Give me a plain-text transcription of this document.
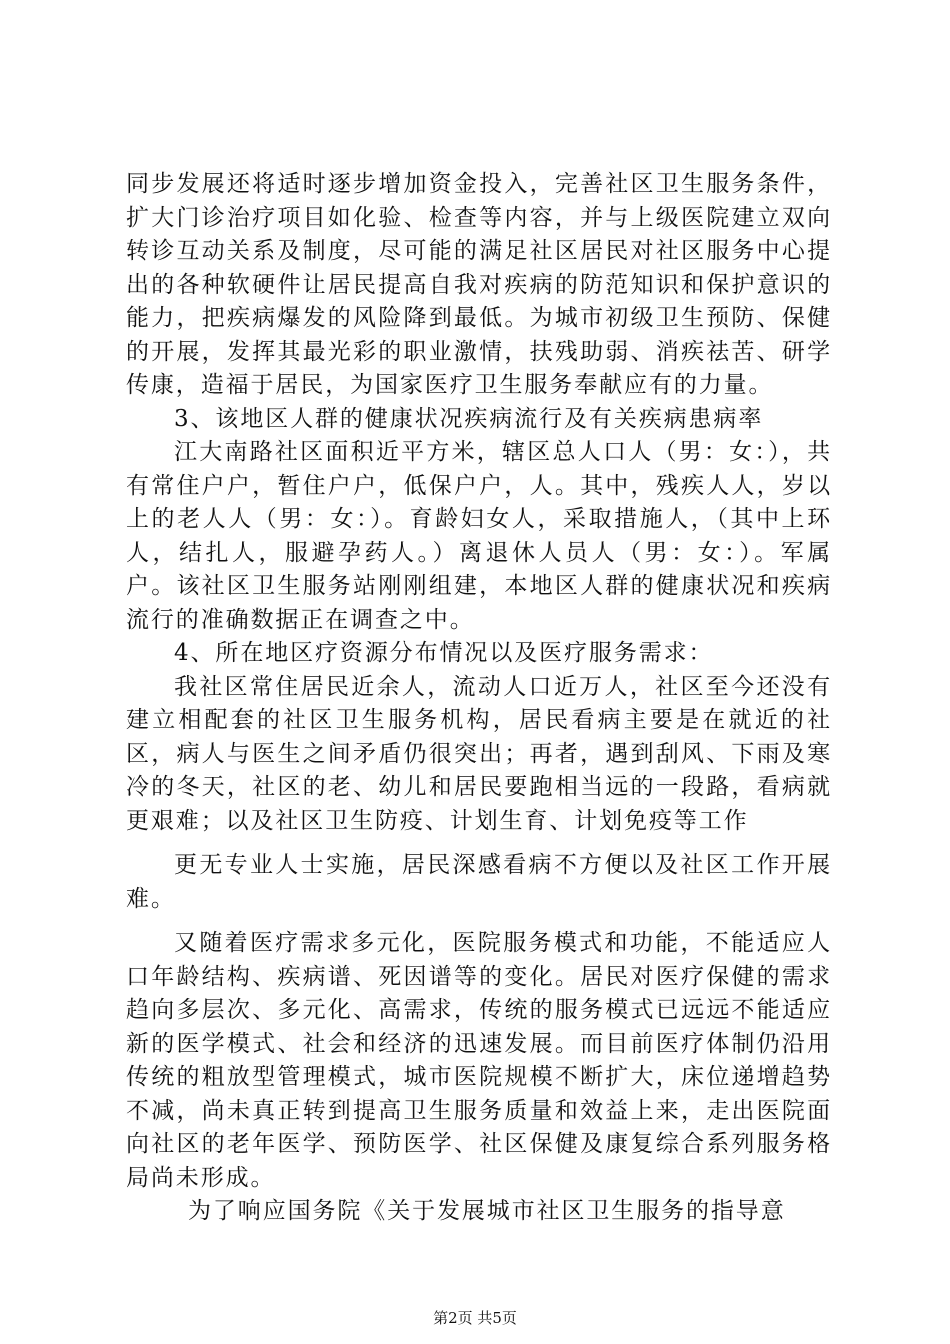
同步发展还将适时逐步增加资金投入，完善社区卫生服务条件，扩大门诊治疗项目如化验、检查等内容，并与上级医院建立双向转诊互动关系及制度，尽可能的满足社区居民对社区服务中心提出的各种软硬件让居民提高自我对疾病的防范知识和保护意识的能力，把疾病爆发的风险降到最低。为城市初级卫生预防、保健的开展，发挥其最光彩的职业激情，扶残助弱、消疾祛苦、研学传康，造福于居民，为国家医疗卫生服务奉献应有的力量。

3、该地区人群的健康状况疾病流行及有关疾病患病率

江大南路社区面积近平方米，辖区总人口人（男：女：），共有常住户户，暂住户户，低保户户，人。其中，残疾人人，岁以上的老人人（男：女：）。育龄妇女人，采取措施人，（其中上环人，结扎人，服避孕药人。）离退休人员人（男：女：）。军属户。该社区卫生服务站刚刚组建，本地区人群的健康状况和疾病流行的准确数据正在调查之中。

4、所在地区疗资源分布情况以及医疗服务需求：

我社区常住居民近余人，流动人口近万人，社区至今还没有建立相配套的社区卫生服务机构，居民看病主要是在就近的社区，病人与医生之间矛盾仍很突出；再者，遇到刮风、下雨及寒冷的冬天，社区的老、幼儿和居民要跑相当远的一段路，看病就更艰难；以及社区卫生防疫、计划生育、计划免疫等工作

更无专业人士实施，居民深感看病不方便以及社区工作开展难。

又随着医疗需求多元化，医院服务模式和功能，不能适应人口年龄结构、疾病谱、死因谱等的变化。居民对医疗保健的需求趋向多层次、多元化、高需求，传统的服务模式已远远不能适应新的医学模式、社会和经济的迅速发展。而目前医疗体制仍沿用传统的粗放型管理模式，城市医院规模不断扩大，床位递增趋势不减，尚未真正转到提高卫生服务质量和效益上来，走出医院面向社区的老年医学、预防医学、社区保健及康复综合系列服务格局尚未形成。

为了响应国务院《关于发展城市社区卫生服务的指导意

第2页 共5页
